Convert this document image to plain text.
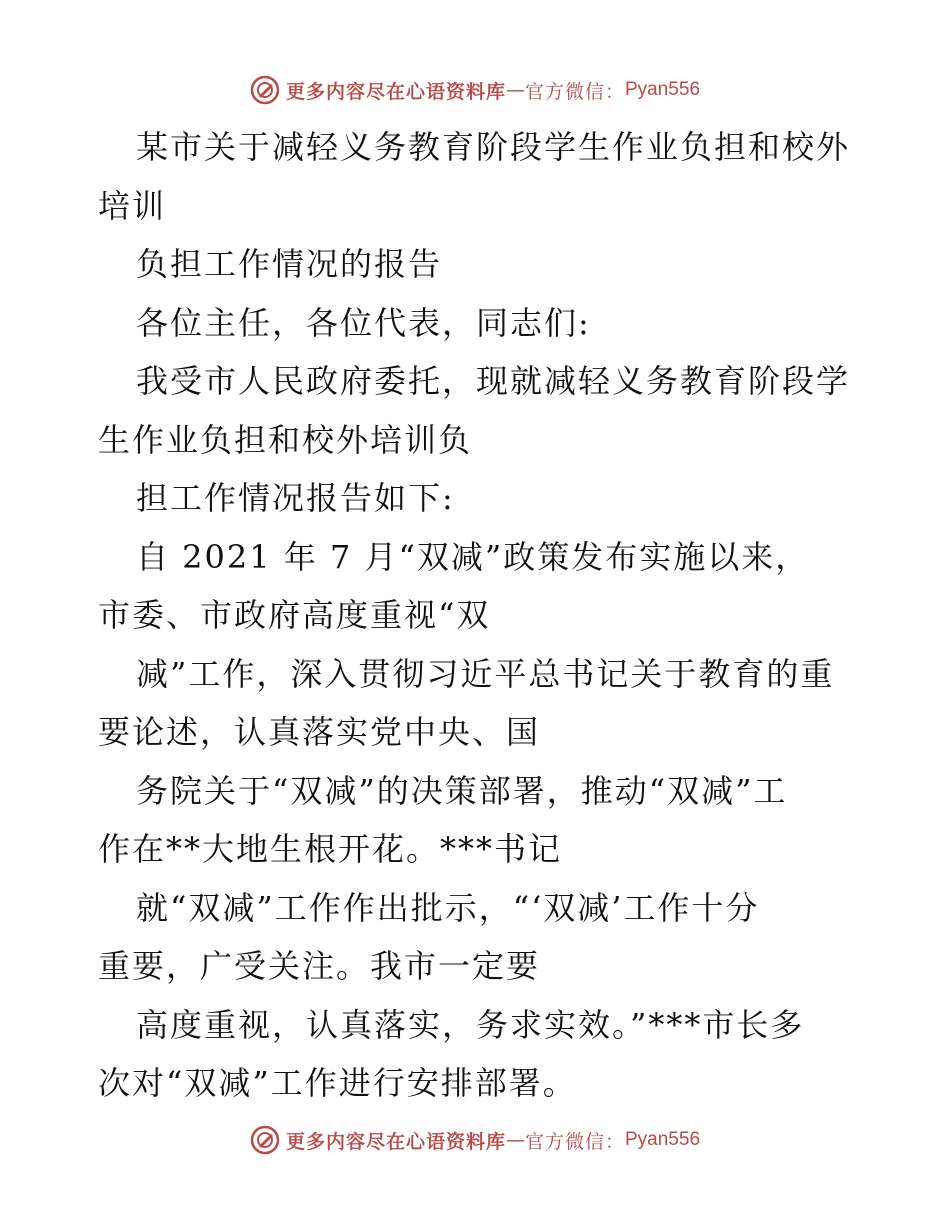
更多内容尽在心语资料库 — 官方微信： Pyan556
某市关于减轻义务教育阶段学生作业负担和校外
培训
负担工作情况的报告
各位主任，各位代表，同志们:
我受市人民政府委托，现就减轻义务教育阶段学
生作业负担和校外培训负
担工作情况报告如下:
自 2021 年 7 月“双减”政策发布实施以来，
市委、市政府高度重视“双
减”工作，深入贯彻习近平总书记关于教育的重
要论述，认真落实党中央、国
务院关于“双减”的决策部署，推动“双减”工
作在**大地生根开花。***书记
就“双减”工作作出批示，“‘双减’工作十分
重要，广受关注。我市一定要
高度重视，认真落实，务求实效。”***市长多
次对“双减”工作进行安排部署。
更多内容尽在心语资料库 — 官方微信： Pyan556
